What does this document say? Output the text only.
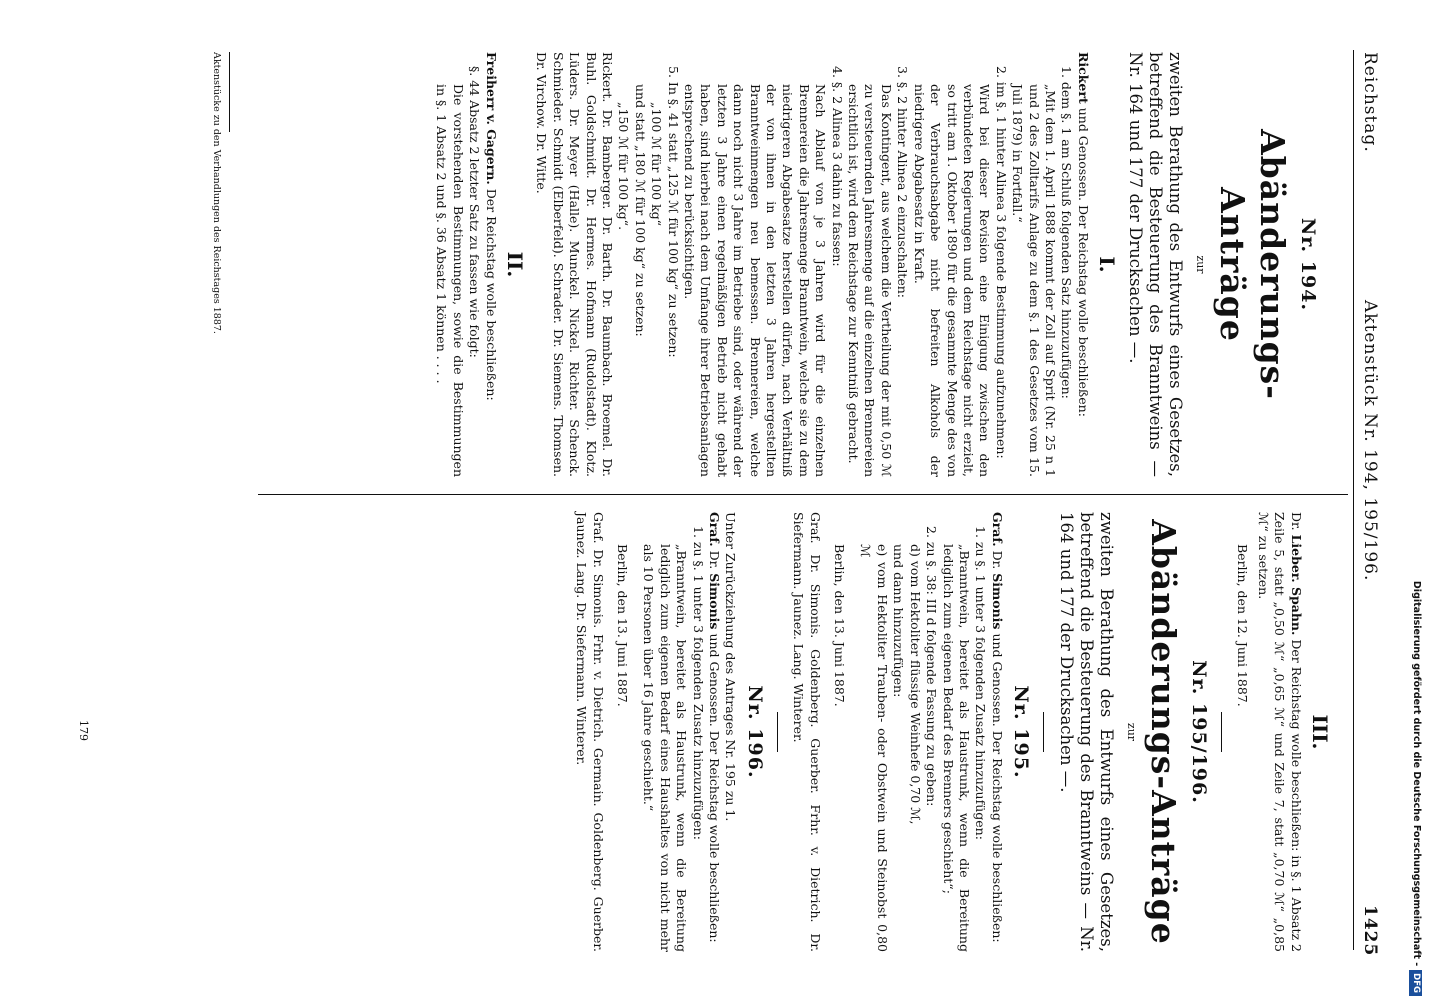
Reichstag.
Aktenstück Nr. 194, 195/196.
1425
Nr. 194.
Abänderungs-Anträge
zur
zweiten Berathung des Entwurfs eines Gesetzes, betreffend die Besteuerung des Branntweins — Nr. 164 und 177 der Drucksachen —.
I.

Rickert und Genossen. Der Reichstag wolle beschließen:

1. dem §. 1 am Schluß folgenden Satz hinzuzufügen:

„Mit dem 1. April 1888 kommt der Zoll auf Sprit (Nr. 25 n 1 und 2 des Zolltarifs Anlage zu dem §. 1 des Gesetzes vom 15. Juli 1879) in Fortfall.“

2. im §. 1 hinter Alinea 3 folgende Bestimmung aufzunehmen:

Wird bei dieser Revision eine Einigung zwischen den verbündeten Regierungen und dem Reichstage nicht erzielt, so tritt am 1. Oktober 1890 für die gesammte Menge des von der Verbrauchsabgabe nicht befreiten Alkohols der niedrigere Abgabesatz in Kraft.

3. §. 2 hinter Alinea 2 einzuschalten:

Das Kontingent, aus welchem die Vertheilung der mit 0,50 ℳ zu versteuernden Jahresmenge auf die einzelnen Brennereien ersichtlich ist, wird dem Reichstage zur Kenntniß gebracht.

4. §. 2 Alinea 3 dahin zu fassen:

Nach Ablauf von je 3 Jahren wird für die einzelnen Brennereien die Jahresmenge Branntwein, welche sie zu dem niedrigeren Abgabesatze herstellen dürfen, nach Verhältniß der von ihnen in den letzten 3 Jahren hergestellten Branntweinmengen neu bemessen. Brennereien, welche dann noch nicht 3 Jahre im Betriebe sind, oder während der letzten 3 Jahre einen regelmäßigen Betrieb nicht gehabt haben, sind hierbei nach dem Umfange ihrer Betriebsanlagen entsprechend zu berücksichtigen.

5. In §. 41 statt „125 ℳ für 100 kg“ zu setzen:

„100 ℳ für 100 kg“

und statt „180 ℳ für 100 kg“ zu setzen:

„150 ℳ für 100 kg“.

Rickert. Dr. Bamberger. Dr. Barth. Dr. Baumbach. Broemel. Dr. Buhl. Goldschmidt. Dr. Hermes. Hofmann (Rudolstadt). Klotz. Lüders. Dr. Meyer (Halle). Munckel. Nickel. Richter. Schenck. Schmieder. Schmidt (Elberfeld). Schrader. Dr. Siemens. Thomsen. Dr. Virchow. Dr. Witte.

II.

Freiherr v. Gagern. Der Reichstag wolle beschließen:

§. 44 Absatz 2 letzter Satz zu fassen wie folgt:

Die vorstehenden Bestimmungen, sowie die Bestimmungen in §. 1 Absatz 2 und §. 36 Absatz 1 können . . . .

Aktenstücke zu den Verhandlungen des Reichstages 1887.
III.

Dr. Lieber. Spahn. Der Reichstag wolle beschließen: in §. 1 Absatz 2 Zeile 5, statt „0,50 ℳ“ „0,65 ℳ“ und Zeile 7, statt „0,70 ℳ“ „0,85 ℳ“ zu setzen.

Berlin, den 12. Juni 1887.

Nr. 195/196.
Abänderungs-Anträge
zur
zweiten Berathung des Entwurfs eines Gesetzes, betreffend die Besteuerung des Branntweins — Nr. 164 und 177 der Drucksachen —.
Nr. 195.

Graf. Dr. Simonis und Genossen. Der Reichstag wolle beschließen:

1. zu §. 1 unter 3 folgenden Zusatz hinzuzufügen:

„Branntwein, bereitet als Haustrunk, wenn die Bereitung lediglich zum eigenen Bedarf des Brenners geschieht“;

2. zu §. 38: III d folgende Fassung zu geben:

d) vom Hektoliter flüssige Weinhefe 0,70 ℳ,

und dann hinzuzufügen:

e) vom Hektoliter Trauben- oder Obstwein und Steinobst 0,80 ℳ

Berlin, den 13. Juni 1887.

Graf. Dr. Simonis. Goldenberg. Guerber. Frhr. v. Dietrich. Dr. Siefermann. Jaunez. Lang. Winterer.

Nr. 196.

Unter Zurückziehung des Antrages Nr. 195 zu 1.

Graf. Dr. Simonis und Genossen. Der Reichstag wolle beschließen:

1. zu §. 1 unter 3 folgenden Zusatz hinzuzufügen:

„Branntwein, bereitet als Haustrunk, wenn die Bereitung lediglich zum eigenen Bedarf eines Haushaltes von nicht mehr als 10 Personen über 16 Jahre geschieht.“

Berlin, den 13. Juni 1887.

Graf. Dr. Simonis. Frhr. v. Dietrich. Germain. Goldenberg. Guerber. Jaunez. Lang. Dr. Siefermann. Winterer.

179	Digitalisierung gefördert durch die Deutsche Forschungsgemeinschaft -DFG
